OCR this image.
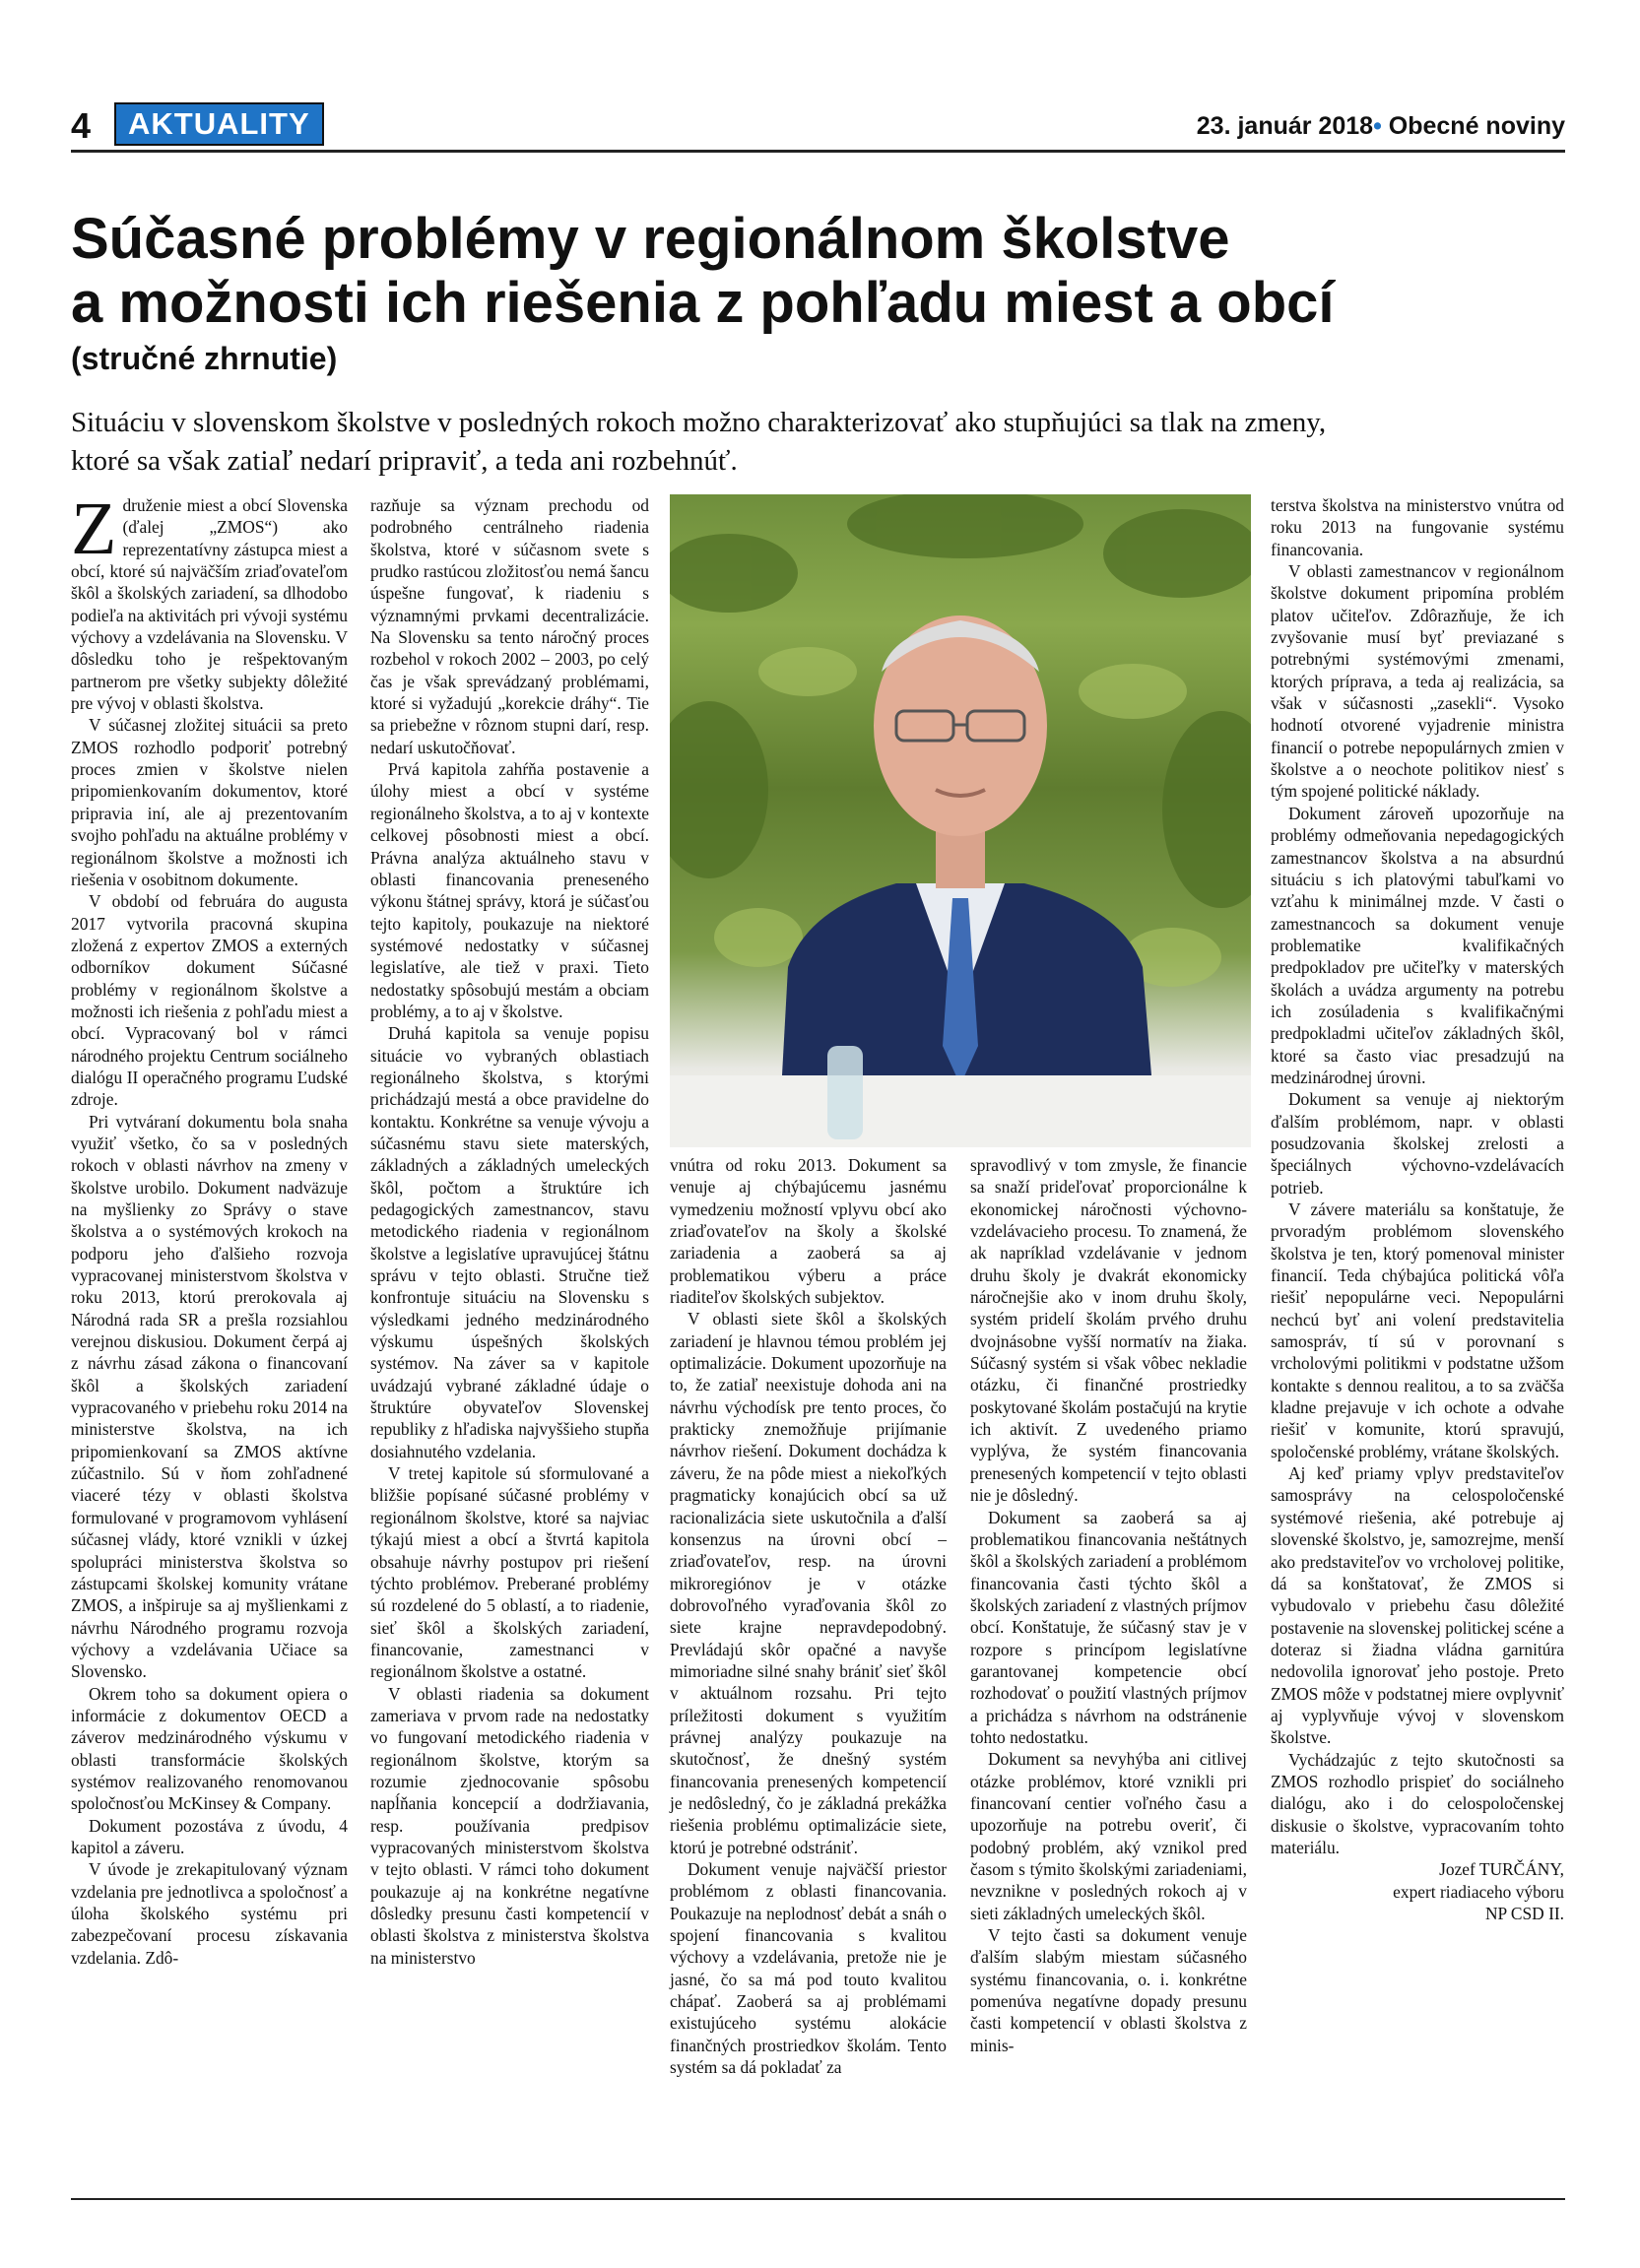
4	AKTUALITY	23. január 2018• Obecné noviny
Súčasné problémy v regionálnom školstve
a možnosti ich riešenia z pohľadu miest a obcí
(stručné zhrnutie)
Situáciu v slovenskom školstve v posledných rokoch možno charakterizovať ako stupňujúci sa tlak na zmeny,
ktoré sa však zatiaľ nedarí pripraviť, a teda ani rozbehnúť.

Združenie miest a obcí Slovenska (ďalej „ZMOS“) ako reprezentatívny zástupca miest a obcí, ktoré sú najväčším zriaďovateľom škôl a školských zariadení, sa dlhodobo podieľa na aktivitách pri vývoji systému výchovy a vzdelávania na Slovensku. V dôsledku toho je rešpektovaným partnerom pre všetky subjekty dôležité pre vývoj v oblasti školstva.

V súčasnej zložitej situácii sa preto ZMOS rozhodlo podporiť potrebný proces zmien v školstve nielen pripomienkovaním dokumentov, ktoré pripravia iní, ale aj prezentovaním svojho pohľadu na aktuálne problémy v regionálnom školstve a možnosti ich riešenia v osobitnom dokumente.

V období od februára do augusta 2017 vytvorila pracovná skupina zložená z expertov ZMOS a externých odborníkov dokument Súčasné problémy v regionálnom školstve a možnosti ich riešenia z pohľadu miest a obcí. Vypracovaný bol v rámci národného projektu Centrum sociálneho dialógu II operačného programu Ľudské zdroje.

Pri vytváraní dokumentu bola snaha využiť všetko, čo sa v posledných rokoch v oblasti návrhov na zmeny v školstve urobilo. Dokument nadväzuje na myšlienky zo Správy o stave školstva a o systémových krokoch na podporu jeho ďalšieho rozvoja vypracovanej ministerstvom školstva v roku 2013, ktorú prerokovala aj Národná rada SR a prešla rozsiahlou verejnou diskusiou. Dokument čerpá aj z návrhu zásad zákona o financovaní škôl a školských zariadení vypracovaného v priebehu roku 2014 na ministerstve školstva, na ich pripomienkovaní sa ZMOS aktívne zúčastnilo. Sú v ňom zohľadnené viaceré tézy v oblasti školstva formulované v programovom vyhlásení súčasnej vlády, ktoré vznikli v úzkej spolupráci ministerstva školstva so zástupcami školskej komunity vrátane ZMOS, a inšpiruje sa aj myšlienkami z návrhu Národného programu rozvoja výchovy a vzdelávania Učiace sa Slovensko.

Okrem toho sa dokument opiera o informácie z dokumentov OECD a záverov medzinárodného výskumu v oblasti transformácie školských systémov realizovaného renomovanou spoločnosťou McKinsey & Company.

Dokument pozostáva z úvodu, 4 kapitol a záveru.

V úvode je zrekapitulovaný význam vzdelania pre jednotlivca a spoločnosť a úloha školského systému pri zabezpečovaní procesu získavania vzdelania. Zdô-

razňuje sa význam prechodu od podrobného centrálneho riadenia školstva, ktoré v súčasnom svete s prudko rastúcou zložitosťou nemá šancu úspešne fungovať, k riadeniu s významnými prvkami decentralizácie. Na Slovensku sa tento náročný proces rozbehol v rokoch 2002 – 2003, po celý čas je však sprevádzaný problémami, ktoré si vyžadujú „korekcie dráhy“. Tie sa priebežne v rôznom stupni darí, resp. nedarí uskutočňovať.

Prvá kapitola zahŕňa postavenie a úlohy miest a obcí v systéme regionálneho školstva, a to aj v kontexte celkovej pôsobnosti miest a obcí. Právna analýza aktuálneho stavu v oblasti financovania preneseného výkonu štátnej správy, ktorá je súčasťou tejto kapitoly, poukazuje na niektoré systémové nedostatky v súčasnej legislatíve, ale tiež v praxi. Tieto nedostatky spôsobujú mestám a obciam problémy, a to aj v školstve.

Druhá kapitola sa venuje popisu situácie vo vybraných oblastiach regionálneho školstva, s ktorými prichádzajú mestá a obce pravidelne do kontaktu. Konkrétne sa venuje vývoju a súčasnému stavu siete materských, základných a základných umeleckých škôl, počtom a štruktúre ich pedagogických zamestnancov, stavu metodického riadenia v regionálnom školstve a legislatíve upravujúcej štátnu správu v tejto oblasti. Stručne tiež konfrontuje situáciu na Slovensku s výsledkami jedného medzinárodného výskumu úspešných školských systémov. Na záver sa v kapitole uvádzajú vybrané základné údaje o štruktúre obyvateľov Slovenskej republiky z hľadiska najvyššieho stupňa dosiahnutého vzdelania.

V tretej kapitole sú sformulované a bližšie popísané súčasné problémy v regionálnom školstve, ktoré sa najviac týkajú miest a obcí a štvrtá kapitola obsahuje návrhy postupov pri riešení týchto problémov. Preberané problémy sú rozdelené do 5 oblastí, a to riadenie, sieť škôl a školských zariadení, financovanie, zamestnanci v regionálnom školstve a ostatné.

V oblasti riadenia sa dokument zameriava v prvom rade na nedostatky vo fungovaní metodického riadenia v regionálnom školstve, ktorým sa rozumie zjednocovanie spôsobu napĺňania koncepcií a dodržiavania, resp. používania predpisov vypracovaných ministerstvom školstva v tejto oblasti. V rámci toho dokument poukazuje aj na konkrétne negatívne dôsledky presunu časti kompetencií v oblasti školstva z ministerstva školstva na ministerstvo

vnútra od roku 2013. Dokument sa venuje aj chýbajúcemu jasnému vymedzeniu možností vplyvu obcí ako zriaďovateľov na školy a školské zariadenia a zaoberá sa aj problematikou výberu a práce riaditeľov školských subjektov.

V oblasti siete škôl a školských zariadení je hlavnou témou problém jej optimalizácie. Dokument upozorňuje na to, že zatiaľ neexistuje dohoda ani na návrhu východísk pre tento proces, čo prakticky znemožňuje prijímanie návrhov riešení. Dokument dochádza k záveru, že na pôde miest a niekoľkých pragmaticky konajúcich obcí sa už racionalizácia siete uskutočnila a ďalší konsenzus na úrovni obcí – zriaďovateľov, resp. na úrovni mikroregiónov je v otázke dobrovoľného vyraďovania škôl zo siete krajne nepravdepodobný. Prevládajú skôr opačné a navyše mimoriadne silné snahy brániť sieť škôl v aktuálnom rozsahu. Pri tejto príležitosti dokument s využitím právnej analýzy poukazuje na skutočnosť, že dnešný systém financovania prenesených kompetencií je nedôsledný, čo je základná prekážka riešenia problému optimalizácie siete, ktorú je potrebné odstrániť.

Dokument venuje najväčší priestor problémom z oblasti financovania. Poukazuje na neplodnosť debát a snáh o spojení financovania s kvalitou výchovy a vzdelávania, pretože nie je jasné, čo sa má pod touto kvalitou chápať. Zaoberá sa aj problémami existujúceho systému alokácie finančných prostriedkov školám. Tento systém sa dá pokladať za

spravodlivý v tom zmysle, že financie sa snaží prideľovať proporcionálne k ekonomickej náročnosti výchovno-vzdelávacieho procesu. To znamená, že ak napríklad vzdelávanie v jednom druhu školy je dvakrát ekonomicky náročnejšie ako v inom druhu školy, systém pridelí školám prvého druhu dvojnásobne vyšší normatív na žiaka. Súčasný systém si však vôbec nekladie otázku, či finančné prostriedky poskytované školám postačujú na krytie ich aktivít. Z uvedeného priamo vyplýva, že systém financovania prenesených kompetencií v tejto oblasti nie je dôsledný.

Dokument sa zaoberá sa aj problematikou financovania neštátnych škôl a školských zariadení a problémom financovania časti týchto škôl a školských zariadení z vlastných príjmov obcí. Konštatuje, že súčasný stav je v rozpore s princípom legislatívne garantovanej kompetencie obcí rozhodovať o použití vlastných príjmov a prichádza s návrhom na odstránenie tohto nedostatku.

Dokument sa nevyhýba ani citlivej otázke problémov, ktoré vznikli pri financovaní centier voľného času a upozorňuje na potrebu overiť, či podobný problém, aký vznikol pred časom s týmito školskými zariadeniami, nevznikne v posledných rokoch aj v sieti základných umeleckých škôl.

V tejto časti sa dokument venuje ďalším slabým miestam súčasného systému financovania, o. i. konkrétne pomenúva negatívne dopady presunu časti kompetencií v oblasti školstva z minis-

terstva školstva na ministerstvo vnútra od roku 2013 na fungovanie systému financovania.

V oblasti zamestnancov v regionálnom školstve dokument pripomína problém platov učiteľov. Zdôrazňuje, že ich zvyšovanie musí byť previazané s potrebnými systémovými zmenami, ktorých príprava, a teda aj realizácia, sa však v súčasnosti „zasekli“. Vysoko hodnotí otvorené vyjadrenie ministra financií o potrebe nepopulárnych zmien v školstve a o neochote politikov niesť s tým spojené politické náklady.

Dokument zároveň upozorňuje na problémy odmeňovania nepedagogických zamestnancov školstva a na absurdnú situáciu s ich platovými tabuľkami vo vzťahu k minimálnej mzde. V časti o zamestnancoch sa dokument venuje problematike kvalifikačných predpokladov pre učiteľky v materských školách a uvádza argumenty na potrebu ich zosúladenia s kvalifikačnými predpokladmi učiteľov základných škôl, ktoré sa často viac presadzujú na medzinárodnej úrovni.

Dokument sa venuje aj niektorým ďalším problémom, napr. v oblasti posudzovania školskej zrelosti a špeciálnych výchovno-vzdelávacích potrieb.

V závere materiálu sa konštatuje, že prvoradým problémom slovenského školstva je ten, ktorý pomenoval minister financií. Teda chýbajúca politická vôľa riešiť nepopulárne veci. Nepopulárni nechcú byť ani volení predstavitelia samospráv, tí sú v porovnaní s vrcholovými politikmi v podstatne užšom kontakte s dennou realitou, a to sa zväčša kladne prejavuje v ich ochote a odvahe riešiť v komunite, ktorú spravujú, spoločenské problémy, vrátane školských.

Aj keď priamy vplyv predstaviteľov samosprávy na celospoločenské systémové riešenia, aké potrebuje aj slovenské školstvo, je, samozrejme, menší ako predstaviteľov vo vrcholovej politike, dá sa konštatovať, že ZMOS si vybudovalo v priebehu času dôležité postavenie na slovenskej politickej scéne a doteraz si žiadna vládna garnitúra nedovolila ignorovať jeho postoje. Preto ZMOS môže v podstatnej miere ovplyvniť aj vyplyvňuje vývoj v slovenskom školstve.

Vychádzajúc z tejto skutočnosti sa ZMOS rozhodlo prispieť do sociálneho dialógu, ako i do celospoločenskej diskusie o školstve, vypracovaním tohto materiálu.

Jozef TURČÁNY,

expert riadiaceho výboru

NP CSD II.
